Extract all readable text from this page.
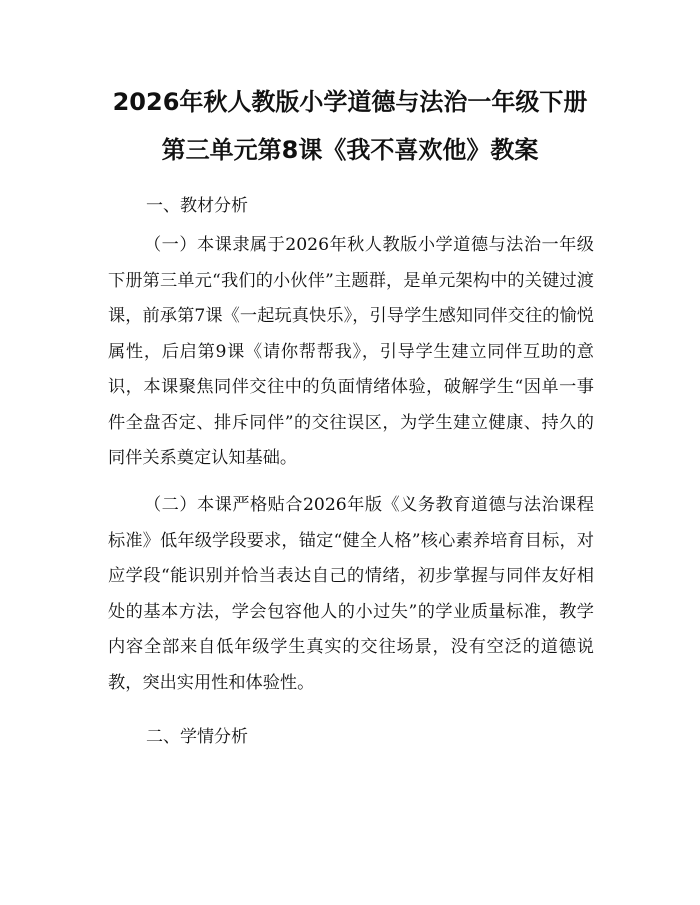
2026年秋人教版小学道德与法治一年级下册
第三单元第8课《我不喜欢他》教案

一、教材分析

（一）本课隶属于2026年秋人教版小学道德与法治一年级下册第三单元“我们的小伙伴”主题群，是单元架构中的关键过渡课，前承第7课《一起玩真快乐》，引导学生感知同伴交往的愉悦属性，后启第9课《请你帮帮我》，引导学生建立同伴互助的意识，本课聚焦同伴交往中的负面情绪体验，破解学生“因单一事件全盘否定、排斥同伴”的交往误区，为学生建立健康、持久的同伴关系奠定认知基础。

（二）本课严格贴合2026年版《义务教育道德与法治课程标准》低年级学段要求，锚定“健全人格”核心素养培育目标，对应学段“能识别并恰当表达自己的情绪，初步掌握与同伴友好相处的基本方法，学会包容他人的小过失”的学业质量标准，教学内容全部来自低年级学生真实的交往场景，没有空泛的道德说教，突出实用性和体验性。

二、学情分析
